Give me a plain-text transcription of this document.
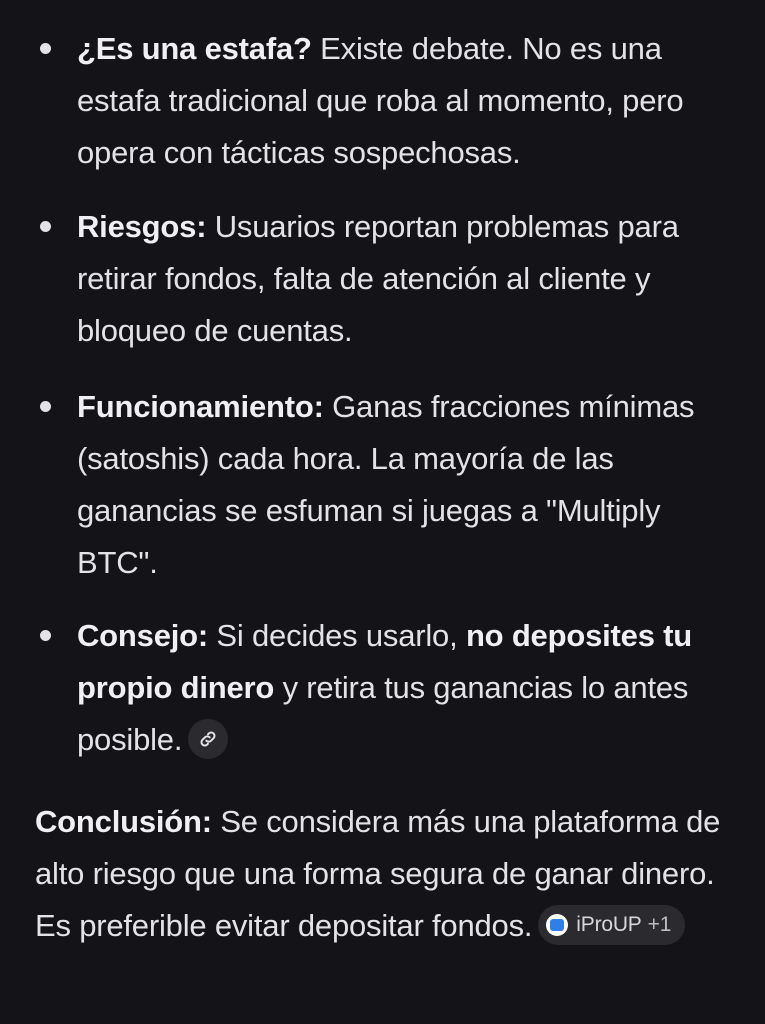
¿Es una estafa? Existe debate. No es una estafa tradicional que roba al momento, pero opera con tácticas sospechosas.
Riesgos: Usuarios reportan problemas para retirar fondos, falta de atención al cliente y bloqueo de cuentas.
Funcionamiento: Ganas fracciones mínimas (satoshis) cada hora. La mayoría de las ganancias se esfuman si juegas a "Multiply BTC".
Consejo: Si decides usarlo, no deposites tu propio dinero y retira tus ganancias lo antes posible.
Conclusión: Se considera más una plataforma de alto riesgo que una forma segura de ganar dinero. Es preferible evitar depositar fondos. iProUP +1
